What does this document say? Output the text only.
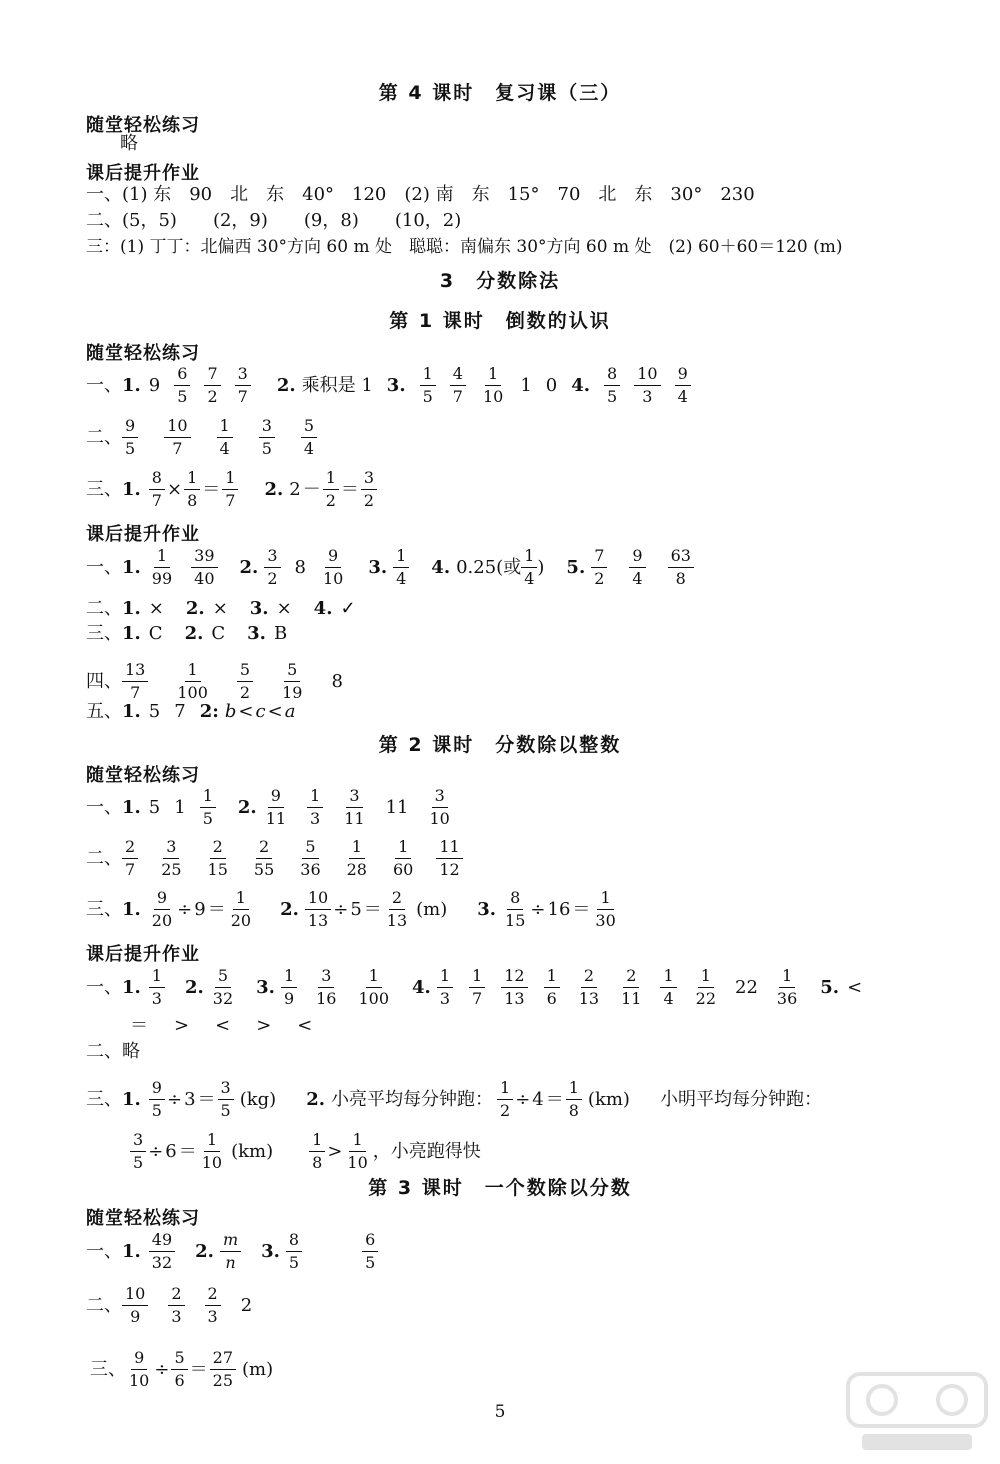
第 4 课时　复习课（三）
随堂轻松练习
略
课后提升作业
一、(1) 东　90　北　东　40°　120　(2) 南　东　15°　70　北　东　30°　230
二、(5，5)　　(2，9)　　(9，8)　　(10，2)
三：(1) 丁丁：北偏西 30°方向 60 m 处　聪聪：南偏东 30°方向 60 m 处　(2) 60＋60＝120 (m)
3　分数除法
第 1 课时　倒数的认识
随堂轻松练习
一、 1. $9 \frac{6}{5} \frac{7}{2} \frac{3}{7} 2$. 乘积是 1 3. $\frac{1}{5} \frac{4}{7} \frac{1}{10} 1$ 0 4. $\frac{8}{5} \frac{10}{3} \frac{9}{4}$
二、 $\frac{9}{5} \frac{10}{7} \frac{1}{4} \frac{3}{5} \frac{5}{4}$
三、 1. $\frac{8}{7} \times \frac{1}{8} = \frac{1}{7} 2$. $2 - \frac{1}{2} = \frac{3}{2}$
课后提升作业
一、 1. $\frac{1}{99} \frac{39}{40} 2$. $\frac{3}{2} 8 \frac{9}{10} 3$. $\frac{1}{4} 4$. 0.25 (或 $\frac{1}{4}$ ) 5. $\frac{7}{2} \frac{9}{4} \frac{63}{8}$
二、 1. × 2. × 3. × 4. ✓
三、 1. C 2. C 3. B
四、 $\frac{13}{7} \frac{1}{100} \frac{5}{2} \frac{5}{19} 8$
五、 1. 5 7 2: b < c < a
第 2 课时　分数除以整数
随堂轻松练习
一、 1. 5 $1 \frac{1}{5} 2$. $\frac{9}{11} \frac{1}{3} \frac{3}{11} 11 \frac{3}{10}$
二、 $\frac{2}{7} \frac{3}{25} \frac{2}{15} \frac{2}{55} \frac{5}{36} \frac{1}{28} \frac{1}{60} \frac{11}{12}$
三、 1. $\frac{9}{20} \div 9 = \frac{1}{20} 2$. $\frac{10}{13} \div 5 = \frac{2}{13} (m)$ 3. $\frac{8}{15} \div 16 = \frac{1}{30}$
课后提升作业
一、 1. $\frac{1}{3} 2$. $\frac{5}{32} 3$. $\frac{1}{9} \frac{3}{16} \frac{1}{100} 4$. $\frac{1}{3} \frac{1}{7} \frac{12}{13} \frac{1}{6} \frac{2}{13} \frac{2}{11} \frac{1}{4} \frac{1}{22} 22 \frac{1}{36} 5$. <
＝ > < > <
二、略
三、 1. $\frac{9}{5} \div 3 = \frac{3}{5} (kg)$ 2. 小亮平均每分钟跑： $\frac{1}{2} \div 4 = \frac{1}{8} (km)$ 小明平均每分钟跑：
$\frac{3}{5} \div 6 = \frac{1}{10} (km) \frac{1}{8} > \frac{1}{10}$ ，小亮跑得快
第 3 课时　一个数除以分数
随堂轻松练习
一、 1. $\frac{49}{32} 2$. $\frac{m}{n} 3$. $\frac{8}{5}$	$\frac{6}{5}$
二、 $\frac{10}{9} \frac{2}{3} \frac{2}{3} 2$
三、 $\frac{9}{10} \div \frac{5}{6} = \frac{27}{25} (m)$
5
